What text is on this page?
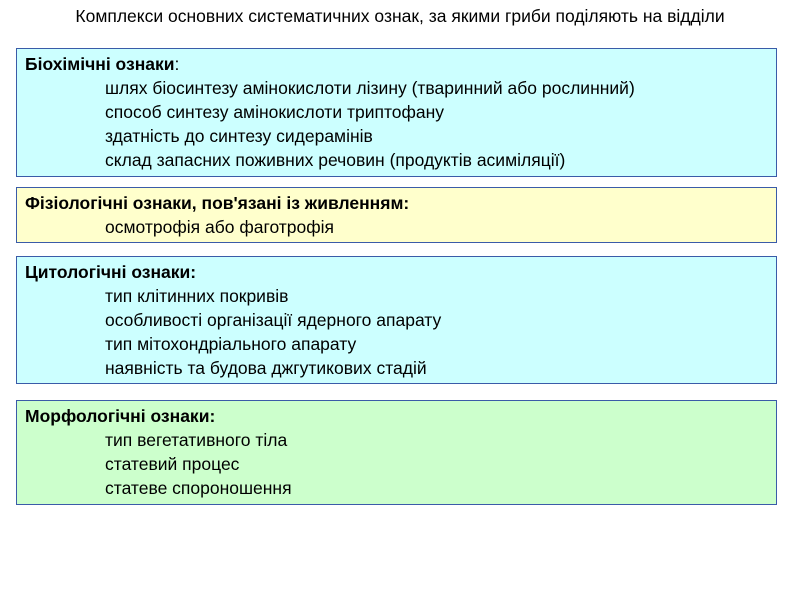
Комплекси основних систематичних ознак, за якими гриби поділяють на відділи
Біохімічні ознаки:
шлях біосинтезу амінокислоти лізину (тваринний або рослинний)
способ синтезу амінокислоти триптофану
здатність до синтезу сидерамінів
склад запасних поживних речовин (продуктів асиміляції)
Фізіологічні ознаки, пов'язані із живленням:
осмотрофія або фаготрофія
Цитологічні ознаки:
тип клітинних покривів
особливості організації ядерного апарату
тип мітохондріального апарату
наявність та будова джгутикових стадій
Морфологічні ознаки:
тип вегетативного тіла
статевий процес
статеве спороношення
